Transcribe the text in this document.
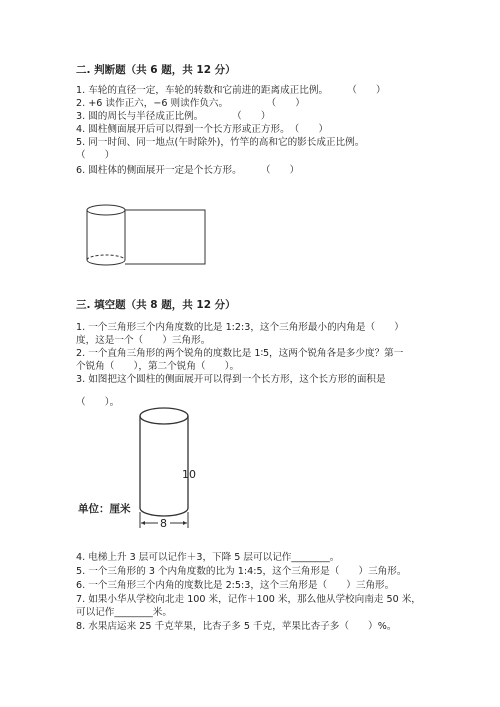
二. 判断题（共 6 题，共 12 分）
1. 车轮的直径一定，车轮的转数和它前进的距离成正比例。　　　（　　）
2. +6 读作正六，−6 则读作负六。　　　　　（　　）
3. 圆的周长与半径成正比例。　　　　（　　）
4. 圆柱侧面展开后可以得到一个长方形或正方形。　（　　）
5. 同一时间、同一地点(午时除外)，竹竿的高和它的影长成正比例。
（　　）
6. 圆柱体的侧面展开一定是个长方形。　　　（　　）
三. 填空题（共 8 题，共 12 分）
1. 一个三角形三个内角度数的比是 1:2:3，这个三角形最小的内角是（　　）
度，这是一个（　　）三角形。
2. 一个直角三角形的两个锐角的度数比是 1∶5，这两个锐角各是多少度？第一
个锐角（　　），第二个锐角（　　）。
3. 如图把这个圆柱的侧面展开可以得到一个长方形，这个长方形的面积是
（　　）。
10
8
单位：厘米
4. 电梯上升 3 层可以记作＋3，下降 5 层可以记作________。
5. 一个三角形的 3 个内角度数的比为 1:4:5，这个三角形是（　　）三角形。
6. 一个三角形三个内角的度数比是 2:5:3，这个三角形是（　　）三角形。
7. 如果小华从学校向北走 100 米，记作＋100 米，那么他从学校向南走 50 米，
可以记作________米。
8. 水果店运来 25 千克苹果，比杏子多 5 千克，苹果比杏子多（　　）%。
